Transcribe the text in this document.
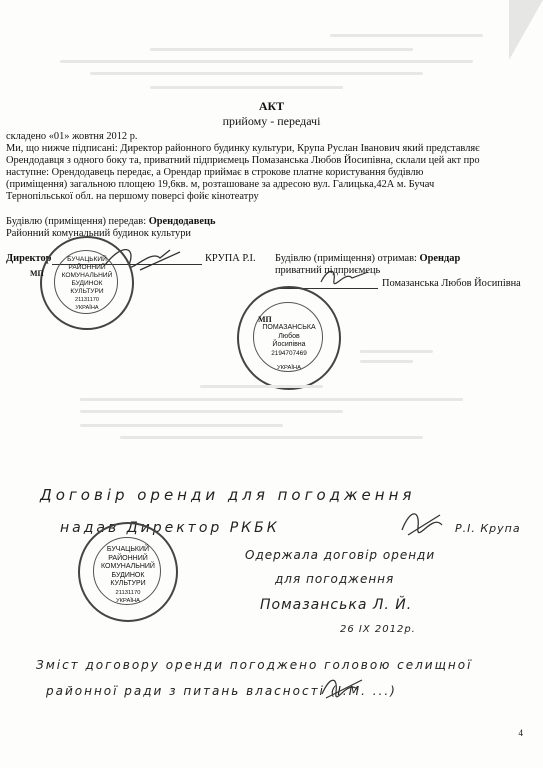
АКТ
прийому - передачі
складено «01» жовтня 2012 р.
Ми, що нижче підписані: Директор районного будинку культури, Крупа Руслан Іванович який представляє
Орендодавця з одного боку та, приватний підприємець Помазанська Любов Йосипівна, склали цей акт про
наступне: Орендодавець передає, а Орендар приймає в строкове платне користування будівлю
(приміщення) загальною площею 19,6кв. м, розташоване за адресою вул. Галицька,42А м. Бучач
Тернопільської обл. на першому поверсі фойє кінотеатру
Будівлю (приміщення) передав: Орендодавець
Районний комунальний будинок культури
Директор	КРУПА Р.І. Будівлю (приміщення) отримав: Орендар
приватний підприємець
Помазанська Любов Йосипівна
БУЧАЦЬКИЙ
РАЙОННИЙ
КОМУНАЛЬНИЙ
БУДИНОК
КУЛЬТУРИ
21131170
УКРАЇНА
МП
ПОМАЗАНСЬКА
Любов
Йосипівна
2194707469
УКРАЇНА
МП
Договір оренди для погодження
надав Директор РКБК	Р.І. Крупа
Одержала договір оренди
для погодження
Помазанська Л. Й.
26 IX 2012р.
БУЧАЦЬКИЙ
РАЙОННИЙ
КОМУНАЛЬНИЙ
БУДИНОК
КУЛЬТУРИ
21131170
УКРАЇНА
Зміст договору оренди погоджено головою селищної
районної ради з питань власності (І.М. ...)
4
